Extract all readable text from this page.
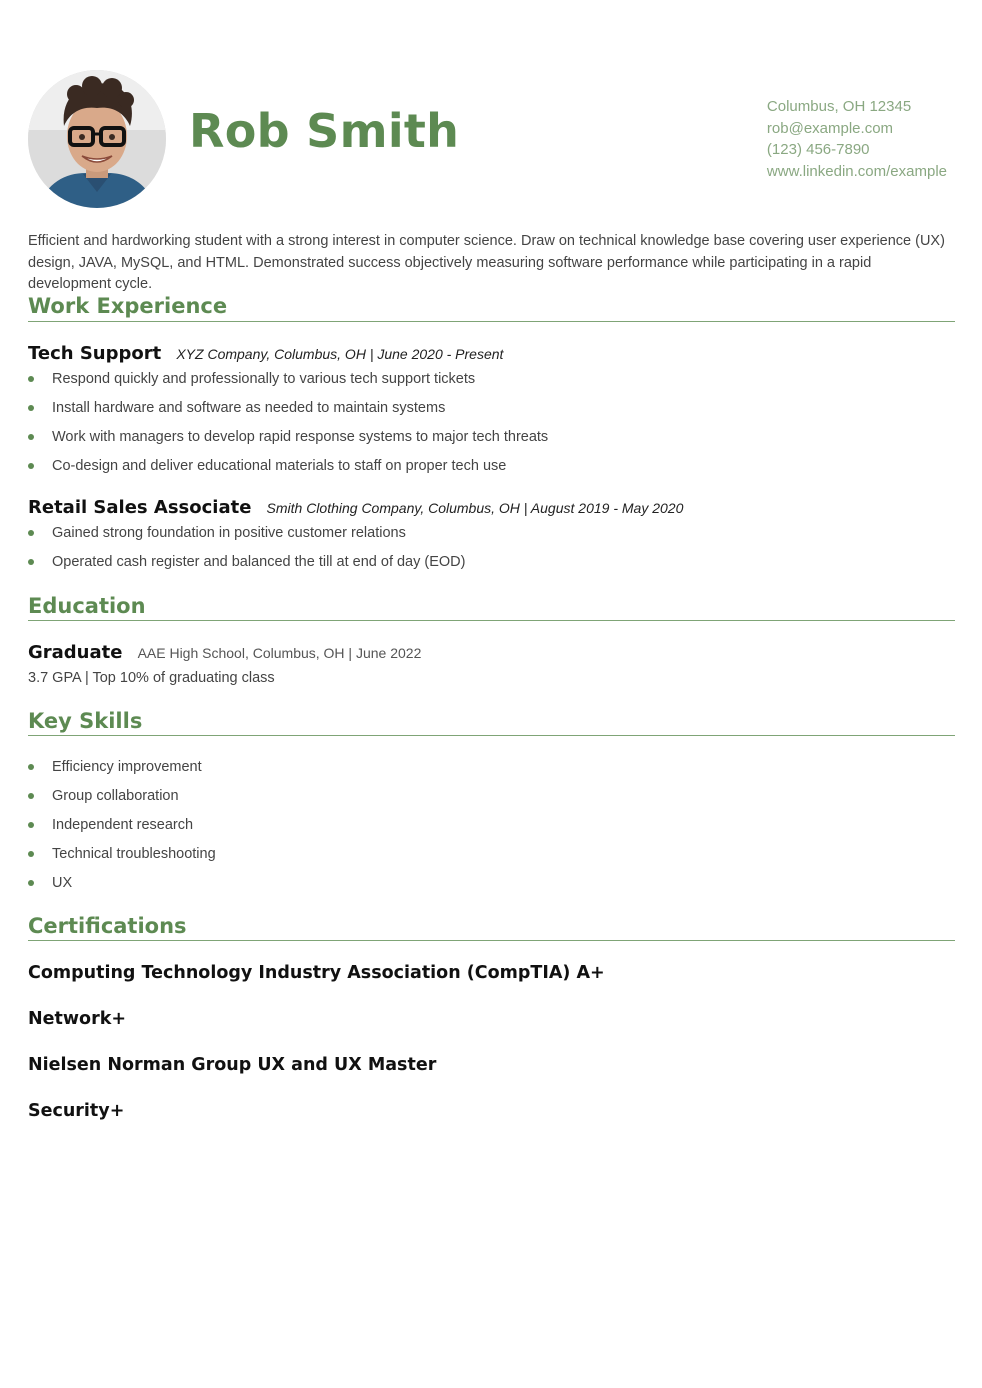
Rob Smith	Columbus, OH 12345
rob@example.com
(123) 456-7890
www.linkedin.com/example

Efficient and hardworking student with a strong interest in computer science. Draw on technical knowledge base covering user experience (UX) design, JAVA, MySQL, and HTML. Demonstrated success objectively measuring software performance while participating in a rapid development cycle.

Work Experience
Tech Support XYZ Company, Columbus, OH | June 2020 - Present
Respond quickly and professionally to various tech support tickets
Install hardware and software as needed to maintain systems
Work with managers to develop rapid response systems to major tech threats
Co-design and deliver educational materials to staff on proper tech use
Retail Sales Associate Smith Clothing Company, Columbus, OH | August 2019 - May 2020
Gained strong foundation in positive customer relations
Operated cash register and balanced the till at end of day (EOD)
Education
Graduate AAE High School, Columbus, OH | June 2022
3.7 GPA | Top 10% of graduating class
Key Skills
Efficiency improvement
Group collaboration
Independent research
Technical troubleshooting
UX
Certifications
Computing Technology Industry Association (CompTIA) A+
Network+
Nielsen Norman Group UX and UX Master
Security+
